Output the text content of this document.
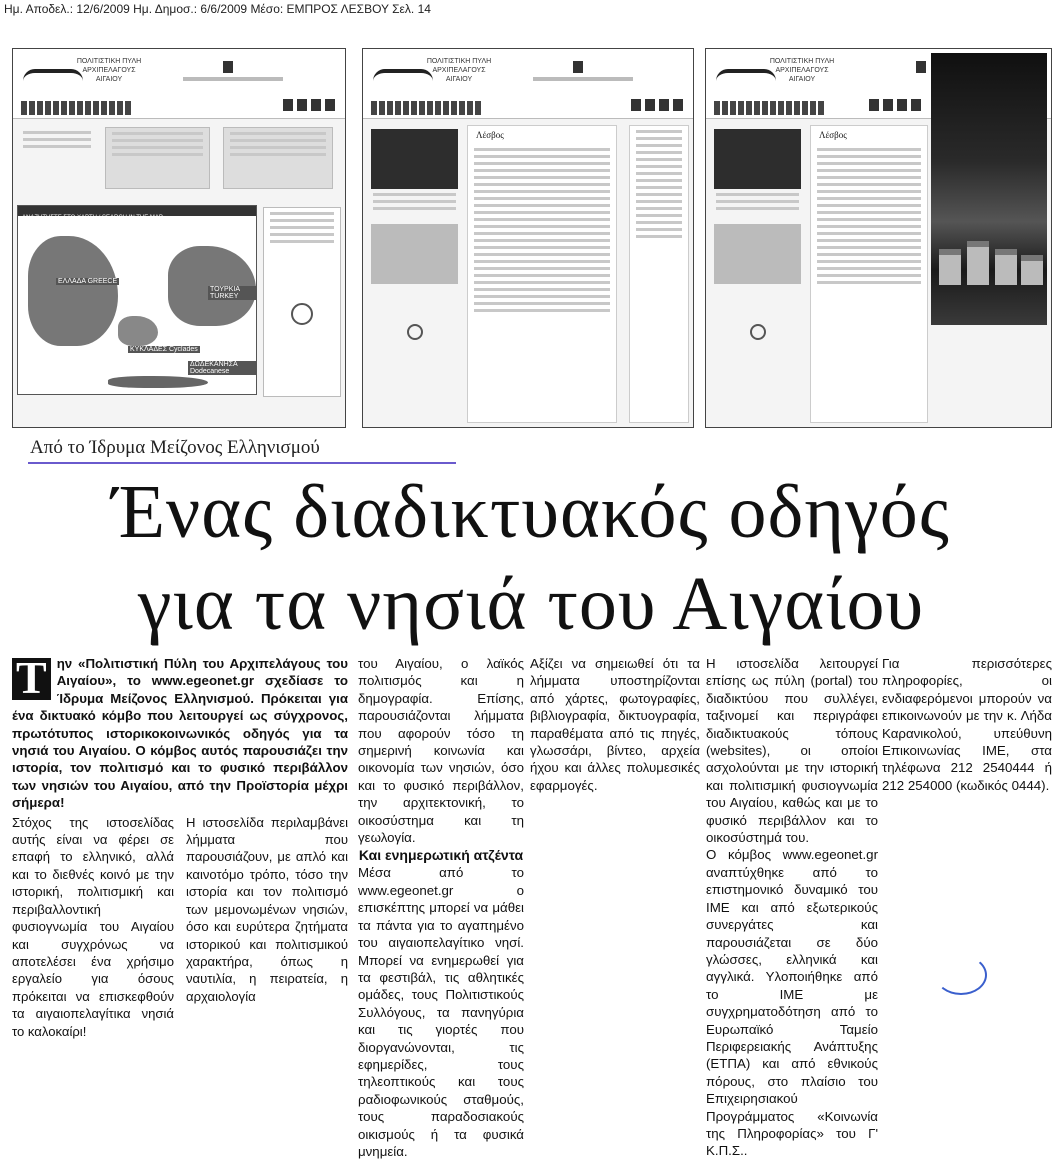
Ημ. Αποδελ.: 12/6/2009 Ημ. Δημοσ.: 6/6/2009 Μέσο: ΕΜΠΡΟΣ ΛΕΣΒΟΥ Σελ. 14
ΠΟΛΙΤΙΣΤΙΚΗ ΠΥΛΗ ΑΡΧΙΠΕΛΑΓΟΥΣ ΑΙΓΑΙΟΥ
ΑΝΑΖΗΤΗΣΤΕ ΣΤΟ ΧΑΡΤΗ / SEARCH IN THE MAP
ΕΛΛΑΔΑ GREECE
ΤΟΥΡΚΙΑ TURKEY
ΚΥΚΛΑΔΕΣ Cyclades
ΔΩΔΕΚΑΝΗΣΑ Dodecanese
ΠΟΛΙΤΙΣΤΙΚΗ ΠΥΛΗ ΑΡΧΙΠΕΛΑΓΟΥΣ ΑΙΓΑΙΟΥ
Λέσβος
ΠΟΛΙΤΙΣΤΙΚΗ ΠΥΛΗ ΑΡΧΙΠΕΛΑΓΟΥΣ ΑΙΓΑΙΟΥ
Λέσβος
Από το Ίδρυμα Μείζονος Ελληνισμού
Ένας διαδικτυακός οδηγός
για τα νησιά του Αιγαίου

Τ ην «Πολιτιστική Πύλη του Αρχιπελάγους του Αιγαίου», το www.egeonet.gr σχεδίασε το Ίδρυμα Μείζονος Ελληνισμού. Πρόκειται για ένα δικτυακό κόμβο που λειτουργεί ως σύγχρονος, πρωτότυπος ιστορικοκοινωνικός οδηγός για τα νησιά του Αιγαίου. Ο κόμβος αυτός παρουσιάζει την ιστορία, τον πολιτισμό και το φυσικό περιβάλλον των νησιών του Αιγαίου, από την Προϊστορία μέχρι σήμερα!

Στόχος της ιστοσελίδας αυτής είναι να φέρει σε επαφή το ελληνικό, αλλά και το διεθνές κοινό με την ιστορική, πολιτισμική και περιβαλλοντική φυσιογνωμία του Αιγαίου και συγχρόνως να αποτελέσει ένα χρήσιμο εργαλείο για όσους πρόκειται να επισκεφθούν τα αιγαιοπελαγίτικα νησιά το καλοκαίρι!
Η ιστοσελίδα περιλαμβάνει λήμματα που παρουσιάζουν, με απλό και καινοτόμο τρόπο, τόσο την ιστορία και τον πολιτισμό των μεμονωμένων νησιών, όσο και ευρύτερα ζητήματα ιστορικού και πολιτισμικού χαρακτήρα, όπως η ναυτιλία, η πειρατεία, η αρχαιολογία

του Αιγαίου, ο λαϊκός πολιτισμός και η δημογραφία. Επίσης, παρουσιάζονται λήμματα που αφορούν τόσο τη σημερινή κοινωνία και οικονομία των νησιών, όσο και το φυσικό περιβάλλον, την αρχιτεκτονική, το οικοσύστημα και τη γεωλογία.

Και ενημερωτική ατζέντα

Μέσα από το www.egeonet.gr ο επισκέπτης μπορεί να μάθει τα πάντα για το αγαπημένο του αιγαιοπελαγίτικο νησί. Μπορεί να ενημερωθεί για τα φεστιβάλ, τις αθλητικές ομάδες, τους Πολιτιστικούς Συλλόγους, τα πανηγύρια και τις γιορτές που διοργανώνονται, τις εφημερίδες, τους τηλεοπτικούς και τους ραδιοφωνικούς σταθμούς, τους παραδοσιακούς οικισμούς ή τα φυσικά μνημεία.

Αξίζει να σημειωθεί ότι τα λήμματα υποστηρίζονται από χάρτες, φωτογραφίες, βιβλιογραφία, δικτυογραφία, παραθέματα από τις πηγές, γλωσσάρι, βίντεο, αρχεία ήχου και άλλες πολυμεσικές εφαρμογές.

Η ιστοσελίδα λειτουργεί επίσης ως πύλη (portal) του διαδικτύου που συλλέγει, ταξινομεί και περιγράφει διαδικτυακούς τόπους (websites), οι οποίοι ασχολούνται με την ιστορική και πολιτισμική φυσιογνωμία του Αιγαίου, καθώς και με το φυσικό περιβάλλον και το οικοσύστημά του.

Ο κόμβος www.egeonet.gr αναπτύχθηκε από το επιστημονικό δυναμικό του ΙΜΕ και από εξωτερικούς συνεργάτες και παρουσιάζεται σε δύο γλώσσες, ελληνικά και αγγλικά. Υλοποιήθηκε από το ΙΜΕ με συγχρηματοδότηση από το Ευρωπαϊκό Ταμείο Περιφερειακής Ανάπτυξης (ΕΤΠΑ) και από εθνικούς πόρους, στο πλαίσιο του Επιχειρησιακού Προγράμματος «Κοινωνία της Πληροφορίας» του Γ' Κ.Π.Σ..

Για περισσότερες πληροφορίες, οι ενδιαφερόμενοι μπορούν να επικοινωνούν με την κ. Λήδα Καρανικολού, υπεύθυνη Επικοινωνίας ΙΜΕ, στα τηλέφωνα 212 2540444 ή 212 254000 (κωδικός 0444).
